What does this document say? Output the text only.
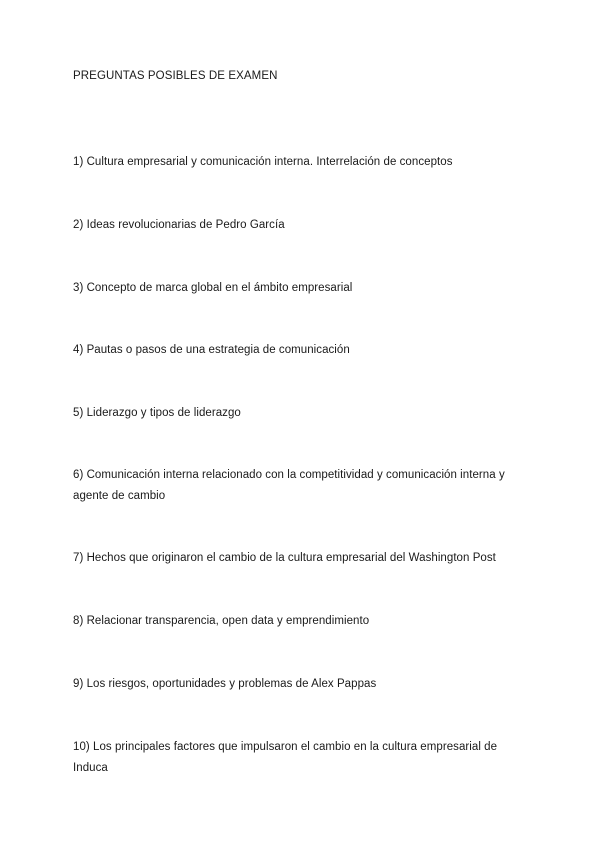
PREGUNTAS POSIBLES DE EXAMEN
1) Cultura empresarial y comunicación interna. Interrelación de conceptos
2) Ideas revolucionarias de Pedro García
3) Concepto de marca global en el ámbito empresarial
4) Pautas o pasos de una estrategia de comunicación
5) Liderazgo y tipos de liderazgo
6) Comunicación interna relacionado con la competitividad y comunicación interna y agente de cambio
7) Hechos que originaron el cambio de la cultura empresarial del Washington Post
8) Relacionar transparencia, open data y emprendimiento
9) Los riesgos, oportunidades y problemas de Alex Pappas
10) Los principales factores que impulsaron el cambio en la cultura empresarial de Induca
